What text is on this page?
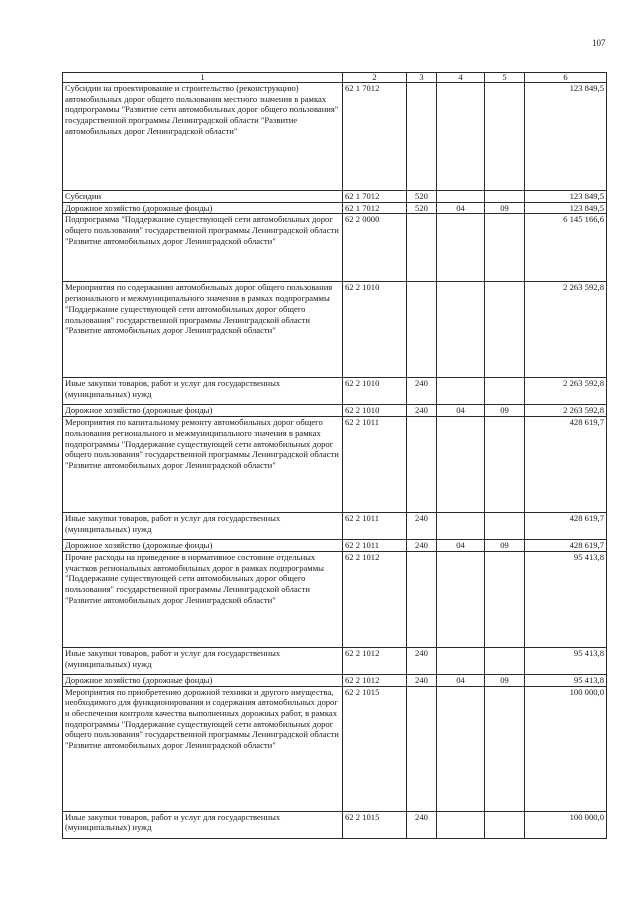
107
1	2	3	4	5	6
Субсидии на проектирование и строительство (реконструкцию) автомобильных дорог общего пользования местного значения в рамках подпрограммы "Развитие сети автомобильных дорог общего пользования" государственной программы Ленинградской области "Развитие автомобильных дорог Ленинградской области"	62 1 7012				123 849,5
Субсидии	62 1 7012	520			123 849,5
Дорожное хозяйство (дорожные фонды)	62 1 7012	520	04	09	123 849,5
Подпрограмма "Поддержание существующей сети автомобильных дорог общего пользования" государственной программы Ленинградской области "Развитие автомобильных дорог Ленинградской области"	62 2 0000				6 145 166,6
Мероприятия по содержанию автомобильных дорог общего пользования регионального и межмуниципального значения в рамках подпрограммы "Поддержание существующей сети автомобильных дорог общего пользования" государственной программы Ленинградской области "Развитие автомобильных дорог Ленинградской области"	62 2 1010				2 263 592,8
Иные закупки товаров, работ и услуг для государственных (муниципальных) нужд	62 2 1010	240			2 263 592,8
Дорожное хозяйство (дорожные фонды)	62 2 1010	240	04	09	2 263 592,8
Мероприятия по капитальному ремонту автомобильных дорог общего пользования регионального и межмуниципального значения в рамках подпрограммы "Поддержание существующей сети автомобильных дорог общего пользования" государственной программы Ленинградской области "Развитие автомобильных дорог Ленинградской области"	62 2 1011				428 619,7
Иные закупки товаров, работ и услуг для государственных (муниципальных) нужд	62 2 1011	240			428 619,7
Дорожное хозяйство (дорожные фонды)	62 2 1011	240	04	09	428 619,7
Прочие расходы на приведение в нормативное состояние отдельных участков региональных автомобильных дорог в рамках подпрограммы "Поддержание существующей сети автомобильных дорог общего пользования" государственной программы Ленинградской области "Развитие автомобильных дорог Ленинградской области"	62 2 1012				95 413,8
Иные закупки товаров, работ и услуг для государственных (муниципальных) нужд	62 2 1012	240			95 413,8
Дорожное хозяйство (дорожные фонды)	62 2 1012	240	04	09	95 413,8
Мероприятия по приобретению дорожной техники и другого имущества, необходимого для функционирования и содержания автомобильных дорог и обеспечения контроля качества выполненных дорожных работ, в рамках подпрограммы "Поддержание существующей сети автомобильных дорог общего пользования" государственной программы Ленинградской области "Развитие автомобильных дорог Ленинградской области"	62 2 1015				100 000,0
Иные закупки товаров, работ и услуг для государственных (муниципальных) нужд	62 2 1015	240			100 000,0
